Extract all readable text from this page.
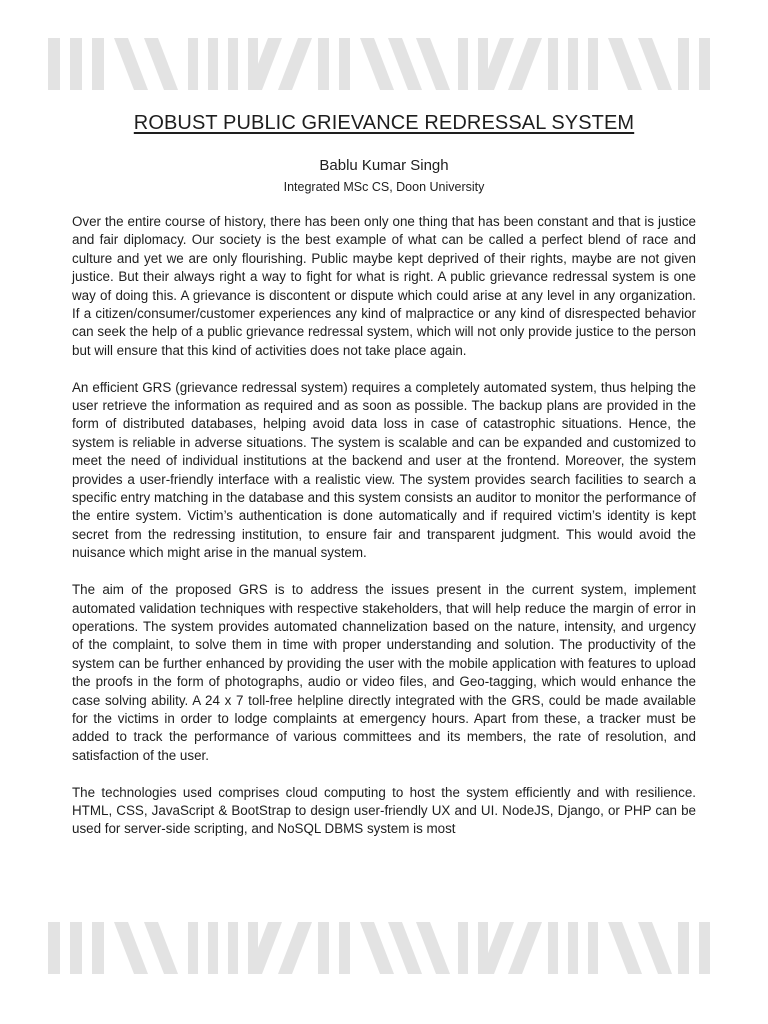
ROBUST PUBLIC GRIEVANCE REDRESSAL SYSTEM
Bablu Kumar Singh
Integrated MSc CS, Doon University

Over the entire course of history, there has been only one thing that has been constant and that is justice and fair diplomacy. Our society is the best example of what can be called a perfect blend of race and culture and yet we are only flourishing. Public maybe kept deprived of their rights, maybe are not given justice. But their always right a way to fight for what is right. A public grievance redressal system is one way of doing this. A grievance is discontent or dispute which could arise at any level in any organization. If a citizen/consumer/customer experiences any kind of malpractice or any kind of disrespected behavior can seek the help of a public grievance redressal system, which will not only provide justice to the person but will ensure that this kind of activities does not take place again.

An efficient GRS (grievance redressal system) requires a completely automated system, thus helping the user retrieve the information as required and as soon as possible. The backup plans are provided in the form of distributed databases, helping avoid data loss in case of catastrophic situations. Hence, the system is reliable in adverse situations. The system is scalable and can be expanded and customized to meet the need of individual institutions at the backend and user at the frontend. Moreover, the system provides a user-friendly interface with a realistic view. The system provides search facilities to search a specific entry matching in the database and this system consists an auditor to monitor the performance of the entire system. Victim’s authentication is done automatically and if required victim’s identity is kept secret from the redressing institution, to ensure fair and transparent judgment. This would avoid the nuisance which might arise in the manual system.

The aim of the proposed GRS is to address the issues present in the current system, implement automated validation techniques with respective stakeholders, that will help reduce the margin of error in operations. The system provides automated channelization based on the nature, intensity, and urgency of the complaint, to solve them in time with proper understanding and solution. The productivity of the system can be further enhanced by providing the user with the mobile application with features to upload the proofs in the form of photographs, audio or video files, and Geo-tagging, which would enhance the case solving ability. A 24 x 7 toll-free helpline directly integrated with the GRS, could be made available for the victims in order to lodge complaints at emergency hours. Apart from these, a tracker must be added to track the performance of various committees and its members, the rate of resolution, and satisfaction of the user.

The technologies used comprises cloud computing to host the system efficiently and with resilience. HTML, CSS, JavaScript & BootStrap to design user-friendly UX and UI. NodeJS, Django, or PHP can be used for server-side scripting, and NoSQL DBMS system is most
